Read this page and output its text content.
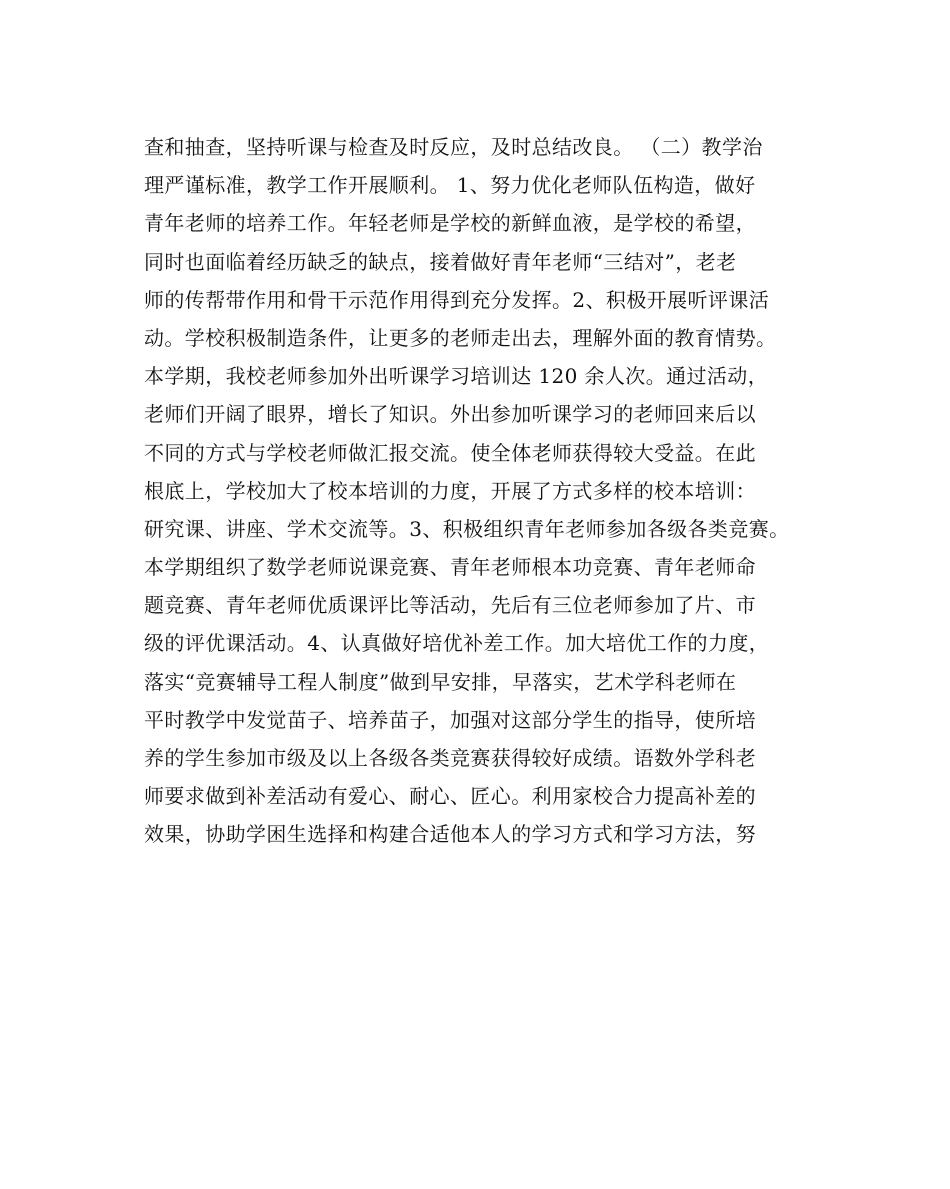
查和抽查，坚持听课与检查及时反应，及时总结改良。 （二）教学治
理严谨标准，教学工作开展顺利。 1、努力优化老师队伍构造，做好
青年老师的培养工作。年轻老师是学校的新鲜血液，是学校的希望，
同时也面临着经历缺乏的缺点，接着做好青年老师“三结对”，老老
师的传帮带作用和骨干示范作用得到充分发挥。2、积极开展听评课活
动。学校积极制造条件，让更多的老师走出去，理解外面的教育情势。
本学期，我校老师参加外出听课学习培训达 120 余人次。通过活动，
老师们开阔了眼界，增长了知识。外出参加听课学习的老师回来后以
不同的方式与学校老师做汇报交流。使全体老师获得较大受益。在此
根底上，学校加大了校本培训的力度，开展了方式多样的校本培训：
研究课、讲座、学术交流等。3、积极组织青年老师参加各级各类竞赛。
本学期组织了数学老师说课竞赛、青年老师根本功竞赛、青年老师命
题竞赛、青年老师优质课评比等活动，先后有三位老师参加了片、市
级的评优课活动。4、认真做好培优补差工作。加大培优工作的力度，
落实“竞赛辅导工程人制度”做到早安排，早落实，艺术学科老师在
平时教学中发觉苗子、培养苗子，加强对这部分学生的指导，使所培
养的学生参加市级及以上各级各类竞赛获得较好成绩。语数外学科老
师要求做到补差活动有爱心、耐心、匠心。利用家校合力提高补差的
效果，协助学困生选择和构建合适他本人的学习方式和学习方法，努
